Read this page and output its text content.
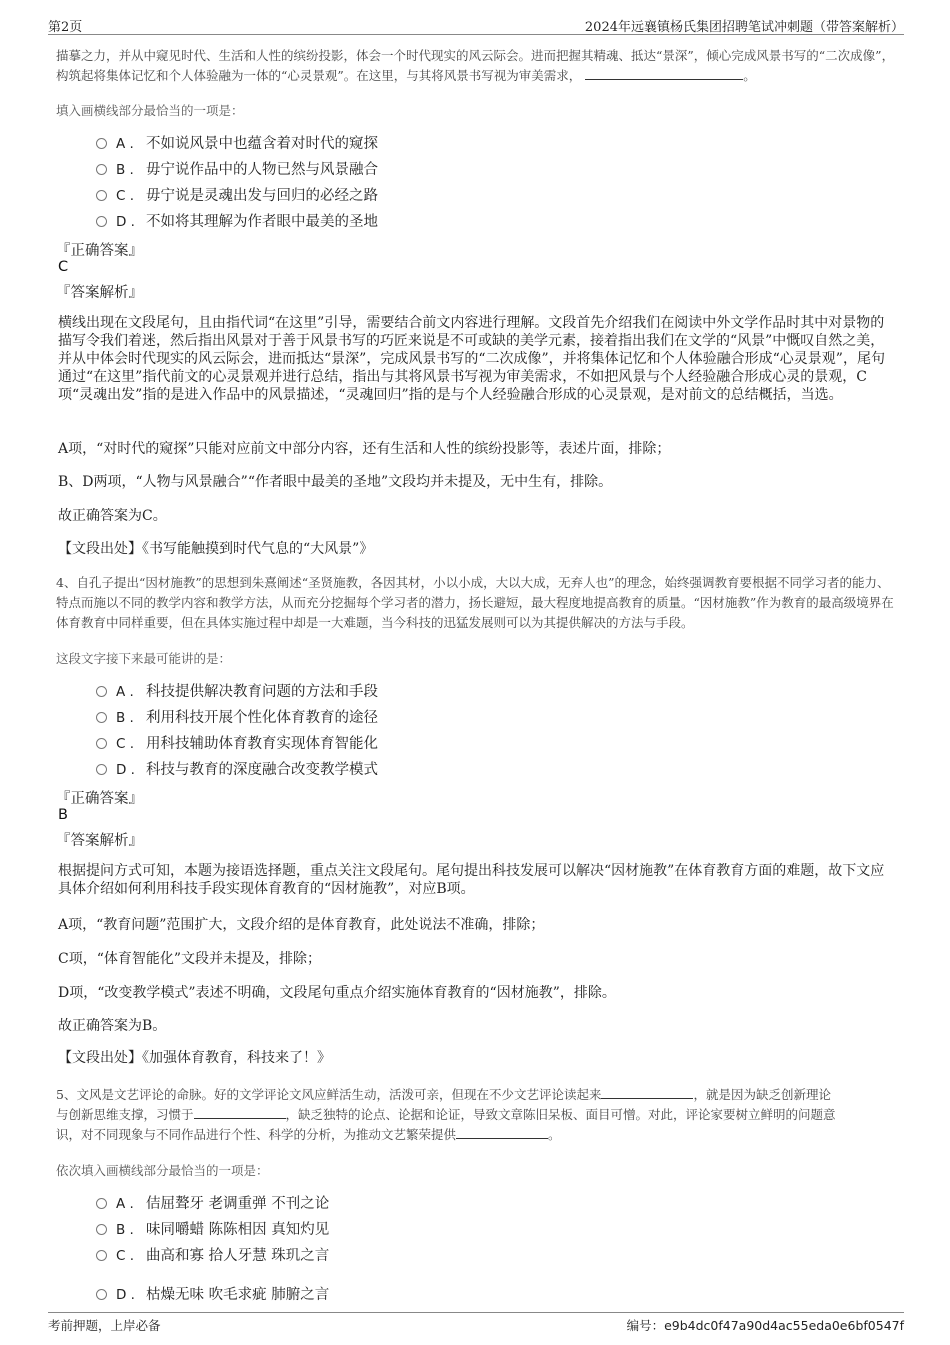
第2页	2024年远襄镇杨氏集团招聘笔试冲刺题（带答案解析）
描摹之力，并从中窥见时代、生活和人性的缤纷投影，体会一个时代现实的风云际会。进而把握其精魂、抵达“景深”，倾心完成风景书写的“二次成像”，构筑起将集体记忆和个人体验融为一体的“心灵景观”。在这里，与其将风景书写视为审美需求，	。
填入画横线部分最恰当的一项是：
A . 不如说风景中也蕴含着对时代的窥探
B . 毋宁说作品中的人物已然与风景融合
C . 毋宁说是灵魂出发与回归的必经之路
D . 不如将其理解为作者眼中最美的圣地
『正确答案』
C
『答案解析』
横线出现在文段尾句，且由指代词“在这里”引导，需要结合前文内容进行理解。文段首先介绍我们在阅读中外文学作品时其中对景物的描写令我们着迷，然后指出风景对于善于风景书写的巧匠来说是不可或缺的美学元素，接着指出我们在文学的“风景”中慨叹自然之美，并从中体会时代现实的风云际会，进而抵达“景深”，完成风景书写的“二次成像”，并将集体记忆和个人体验融合形成“心灵景观”，尾句通过“在这里”指代前文的心灵景观并进行总结，指出与其将风景书写视为审美需求，不如把风景与个人经验融合形成心灵的景观，C项“灵魂出发”指的是进入作品中的风景描述，“灵魂回归”指的是与个人经验融合形成的心灵景观，是对前文的总结概括，当选。
A项，“对时代的窥探”只能对应前文中部分内容，还有生活和人性的缤纷投影等，表述片面，排除；
B、D两项，“人物与风景融合”“作者眼中最美的圣地”文段均并未提及，无中生有，排除。
故正确答案为C。
【文段出处】《书写能触摸到时代气息的“大风景”》
4、自孔子提出“因材施教”的思想到朱熹阐述“圣贤施教，各因其材，小以小成，大以大成，无弃人也”的理念，始终强调教育要根据不同学习者的能力、特点而施以不同的教学内容和教学方法，从而充分挖掘每个学习者的潜力，扬长避短，最大程度地提高教育的质量。“因材施教”作为教育的最高级境界在体育教育中同样重要，但在具体实施过程中却是一大难题，当今科技的迅猛发展则可以为其提供解决的方法与手段。
这段文字接下来最可能讲的是：
A . 科技提供解决教育问题的方法和手段
B . 利用科技开展个性化体育教育的途径
C . 用科技辅助体育教育实现体育智能化
D . 科技与教育的深度融合改变教学模式
『正确答案』
B
『答案解析』
根据提问方式可知，本题为接语选择题，重点关注文段尾句。尾句提出科技发展可以解决“因材施教”在体育教育方面的难题，故下文应具体介绍如何利用科技手段实现体育教育的“因材施教”，对应B项。
A项，“教育问题”范围扩大，文段介绍的是体育教育，此处说法不准确，排除；
C项，“体育智能化”文段并未提及，排除；
D项，“改变教学模式”表述不明确，文段尾句重点介绍实施体育教育的“因材施教”，排除。
故正确答案为B。
【文段出处】《加强体育教育，科技来了！》
5、文风是文艺评论的命脉。好的文学评论文风应鲜活生动，活泼可亲，但现在不少文艺评论读起来	，就是因为缺乏创新理论
与创新思维支撑，习惯于	，缺乏独特的论点、论据和论证，导致文章陈旧呆板、面目可憎。对此，评论家要树立鲜明的问题意
识，对不同现象与不同作品进行个性、科学的分析，为推动文艺繁荣提供	。
依次填入画横线部分最恰当的一项是：
A . 佶屈聱牙 老调重弹 不刊之论
B . 味同嚼蜡 陈陈相因 真知灼见
C . 曲高和寡 拾人牙慧 珠玑之言
D . 枯燥无味 吹毛求疵 肺腑之言
考前押题，上岸必备	编号：e9b4dc0f47a90d4ac55eda0e6bf0547f
